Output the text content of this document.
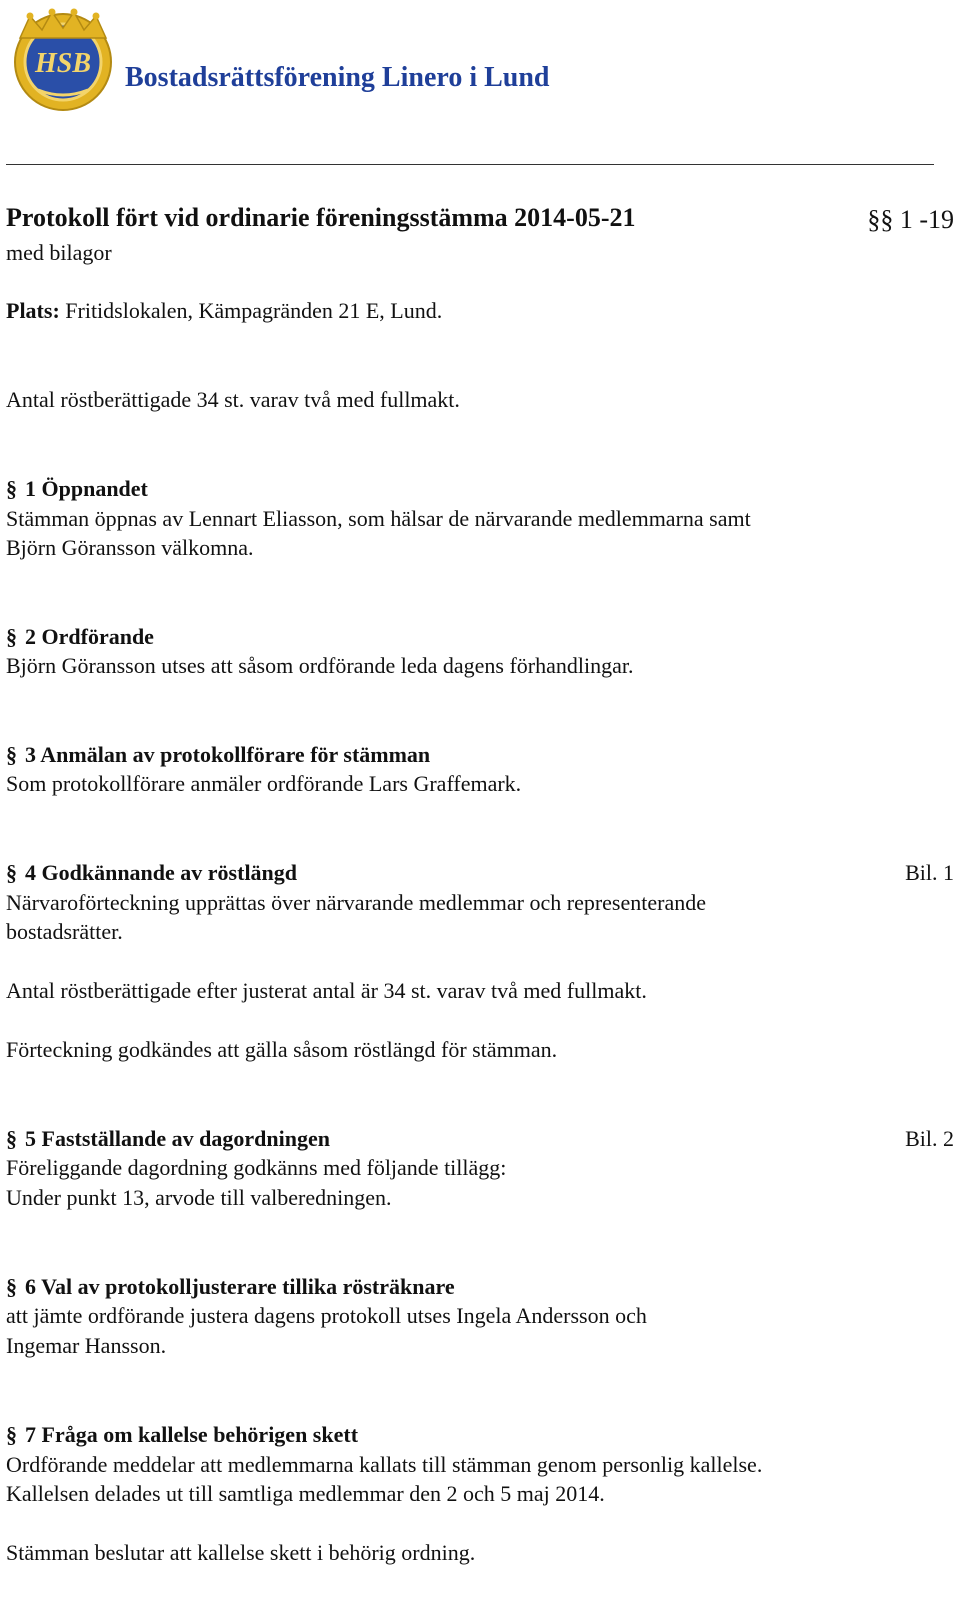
HSB Bostadsrättsförening Linero i Lund
Protokoll fört vid ordinarie föreningsstämma 2014-05-21	§§ 1 -19
med bilagor
Plats: Fritidslokalen, Kämpagränden 21 E, Lund.
Antal röstberättigade 34 st. varav två med fullmakt.
§ 1 Öppnandet
Stämman öppnas av Lennart Eliasson, som hälsar de närvarande medlemmarna samt
Björn Göransson välkomna.
§ 2 Ordförande
Björn Göransson utses att såsom ordförande leda dagens förhandlingar.
§ 3 Anmälan av protokollförare för stämman
Som protokollförare anmäler ordförande Lars Graffemark.
§ 4 Godkännande av röstlängd	Bil. 1
Närvaroförteckning upprättas över närvarande medlemmar och representerande
bostadsrätter.
Antal röstberättigade efter justerat antal är 34 st. varav två med fullmakt.
Förteckning godkändes att gälla såsom röstlängd för stämman.
§ 5 Fastställande av dagordningen	Bil. 2
Föreliggande dagordning godkänns med följande tillägg:
Under punkt 13, arvode till valberedningen.
§ 6 Val av protokolljusterare tillika rösträknare
att jämte ordförande justera dagens protokoll utses Ingela Andersson och
Ingemar Hansson.
§ 7 Fråga om kallelse behörigen skett
Ordförande meddelar att medlemmarna kallats till stämman genom personlig kallelse.
Kallelsen delades ut till samtliga medlemmar den 2 och 5 maj 2014.
Stämman beslutar att kallelse skett i behörig ordning.
